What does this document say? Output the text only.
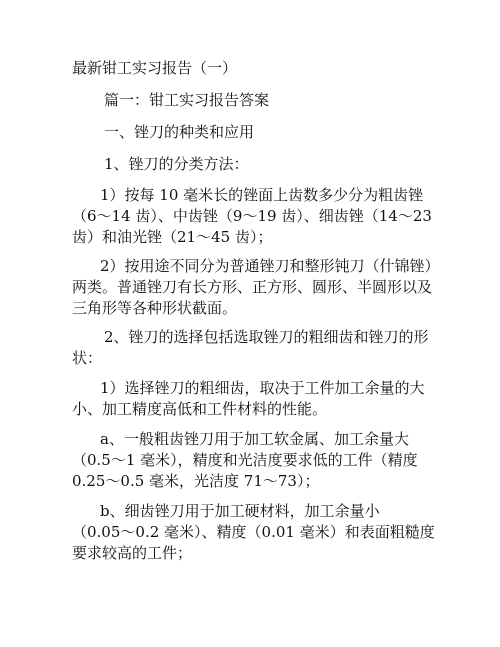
最新钳工实习报告（一）
篇一：钳工实习报告答案
一、锉刀的种类和应用
1、锉刀的分类方法：
1）按每 10 毫米长的锉面上齿数多少分为粗齿锉
（6～14 齿）、中齿锉（9～19 齿）、细齿锉（14～23
齿）和油光锉（21～45 齿）；
2）按用途不同分为普通锉刀和整形钝刀（什锦锉）
两类。普通锉刀有长方形、正方形、圆形、半圆形以及
三角形等各种形状截面。
2、锉刀的选择包括选取锉刀的粗细齿和锉刀的形
状：
1）选择锉刀的粗细齿，取决于工件加工余量的大
小、加工精度高低和工件材料的性能。
a、一般粗齿锉刀用于加工软金属、加工余量大
（0.5～1 毫米），精度和光洁度要求低的工件（精度
0.25～0.5 毫米，光洁度 71～73）；
b、细齿锉刀用于加工硬材料，加工余量小
（0.05～0.2 毫米）、精度（0.01 毫米）和表面粗糙度
要求较高的工件；
